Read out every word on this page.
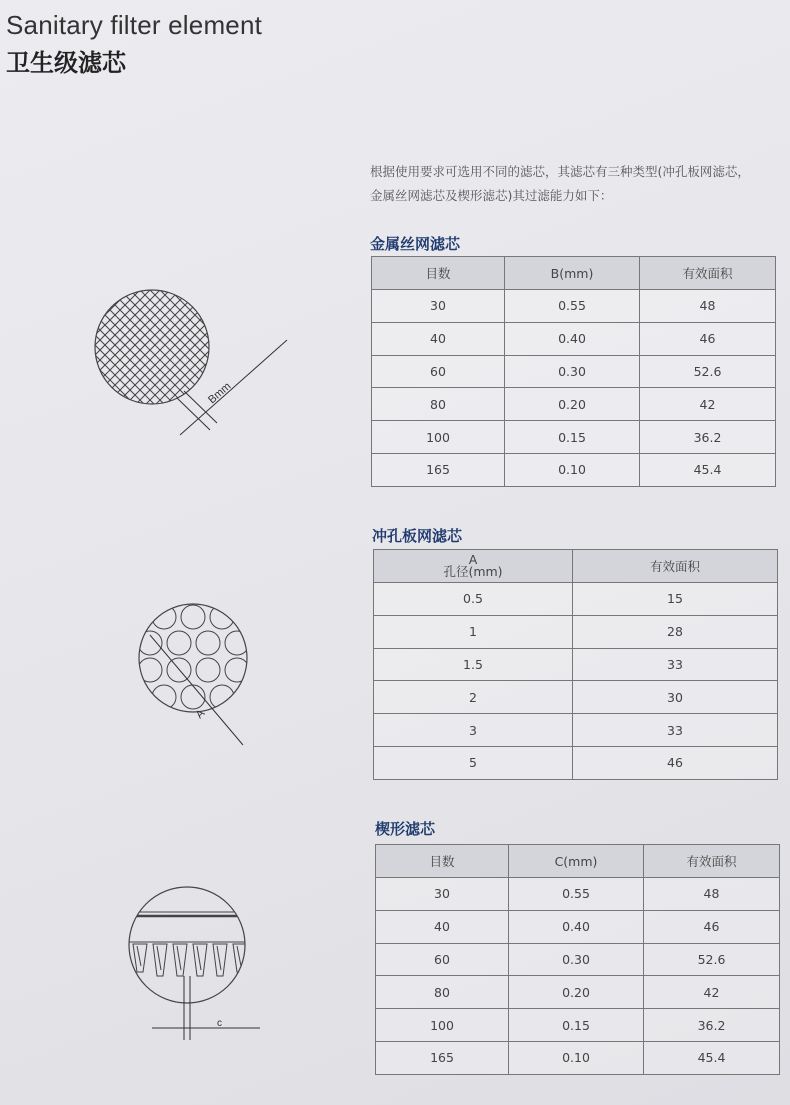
Sanitary filter element
卫生级滤芯

根据使用要求可选用不同的滤芯，其滤芯有三种类型(冲孔板网滤芯，

金属丝网滤芯及楔形滤芯)其过滤能力如下：

金属丝网滤芯
Bmm
目数	B(mm)	有效面积
30	0.55	48
40	0.40	46
60	0.30	52.6
80	0.20	42
100	0.15	36.2
165	0.10	45.4
冲孔板网滤芯
A
A
孔径(mm)	有效面积
0.5	15
1	28
1.5	33
2	30
3	33
5	46
楔形滤芯
c
目数	C(mm)	有效面积
30	0.55	48
40	0.40	46
60	0.30	52.6
80	0.20	42
100	0.15	36.2
165	0.10	45.4
